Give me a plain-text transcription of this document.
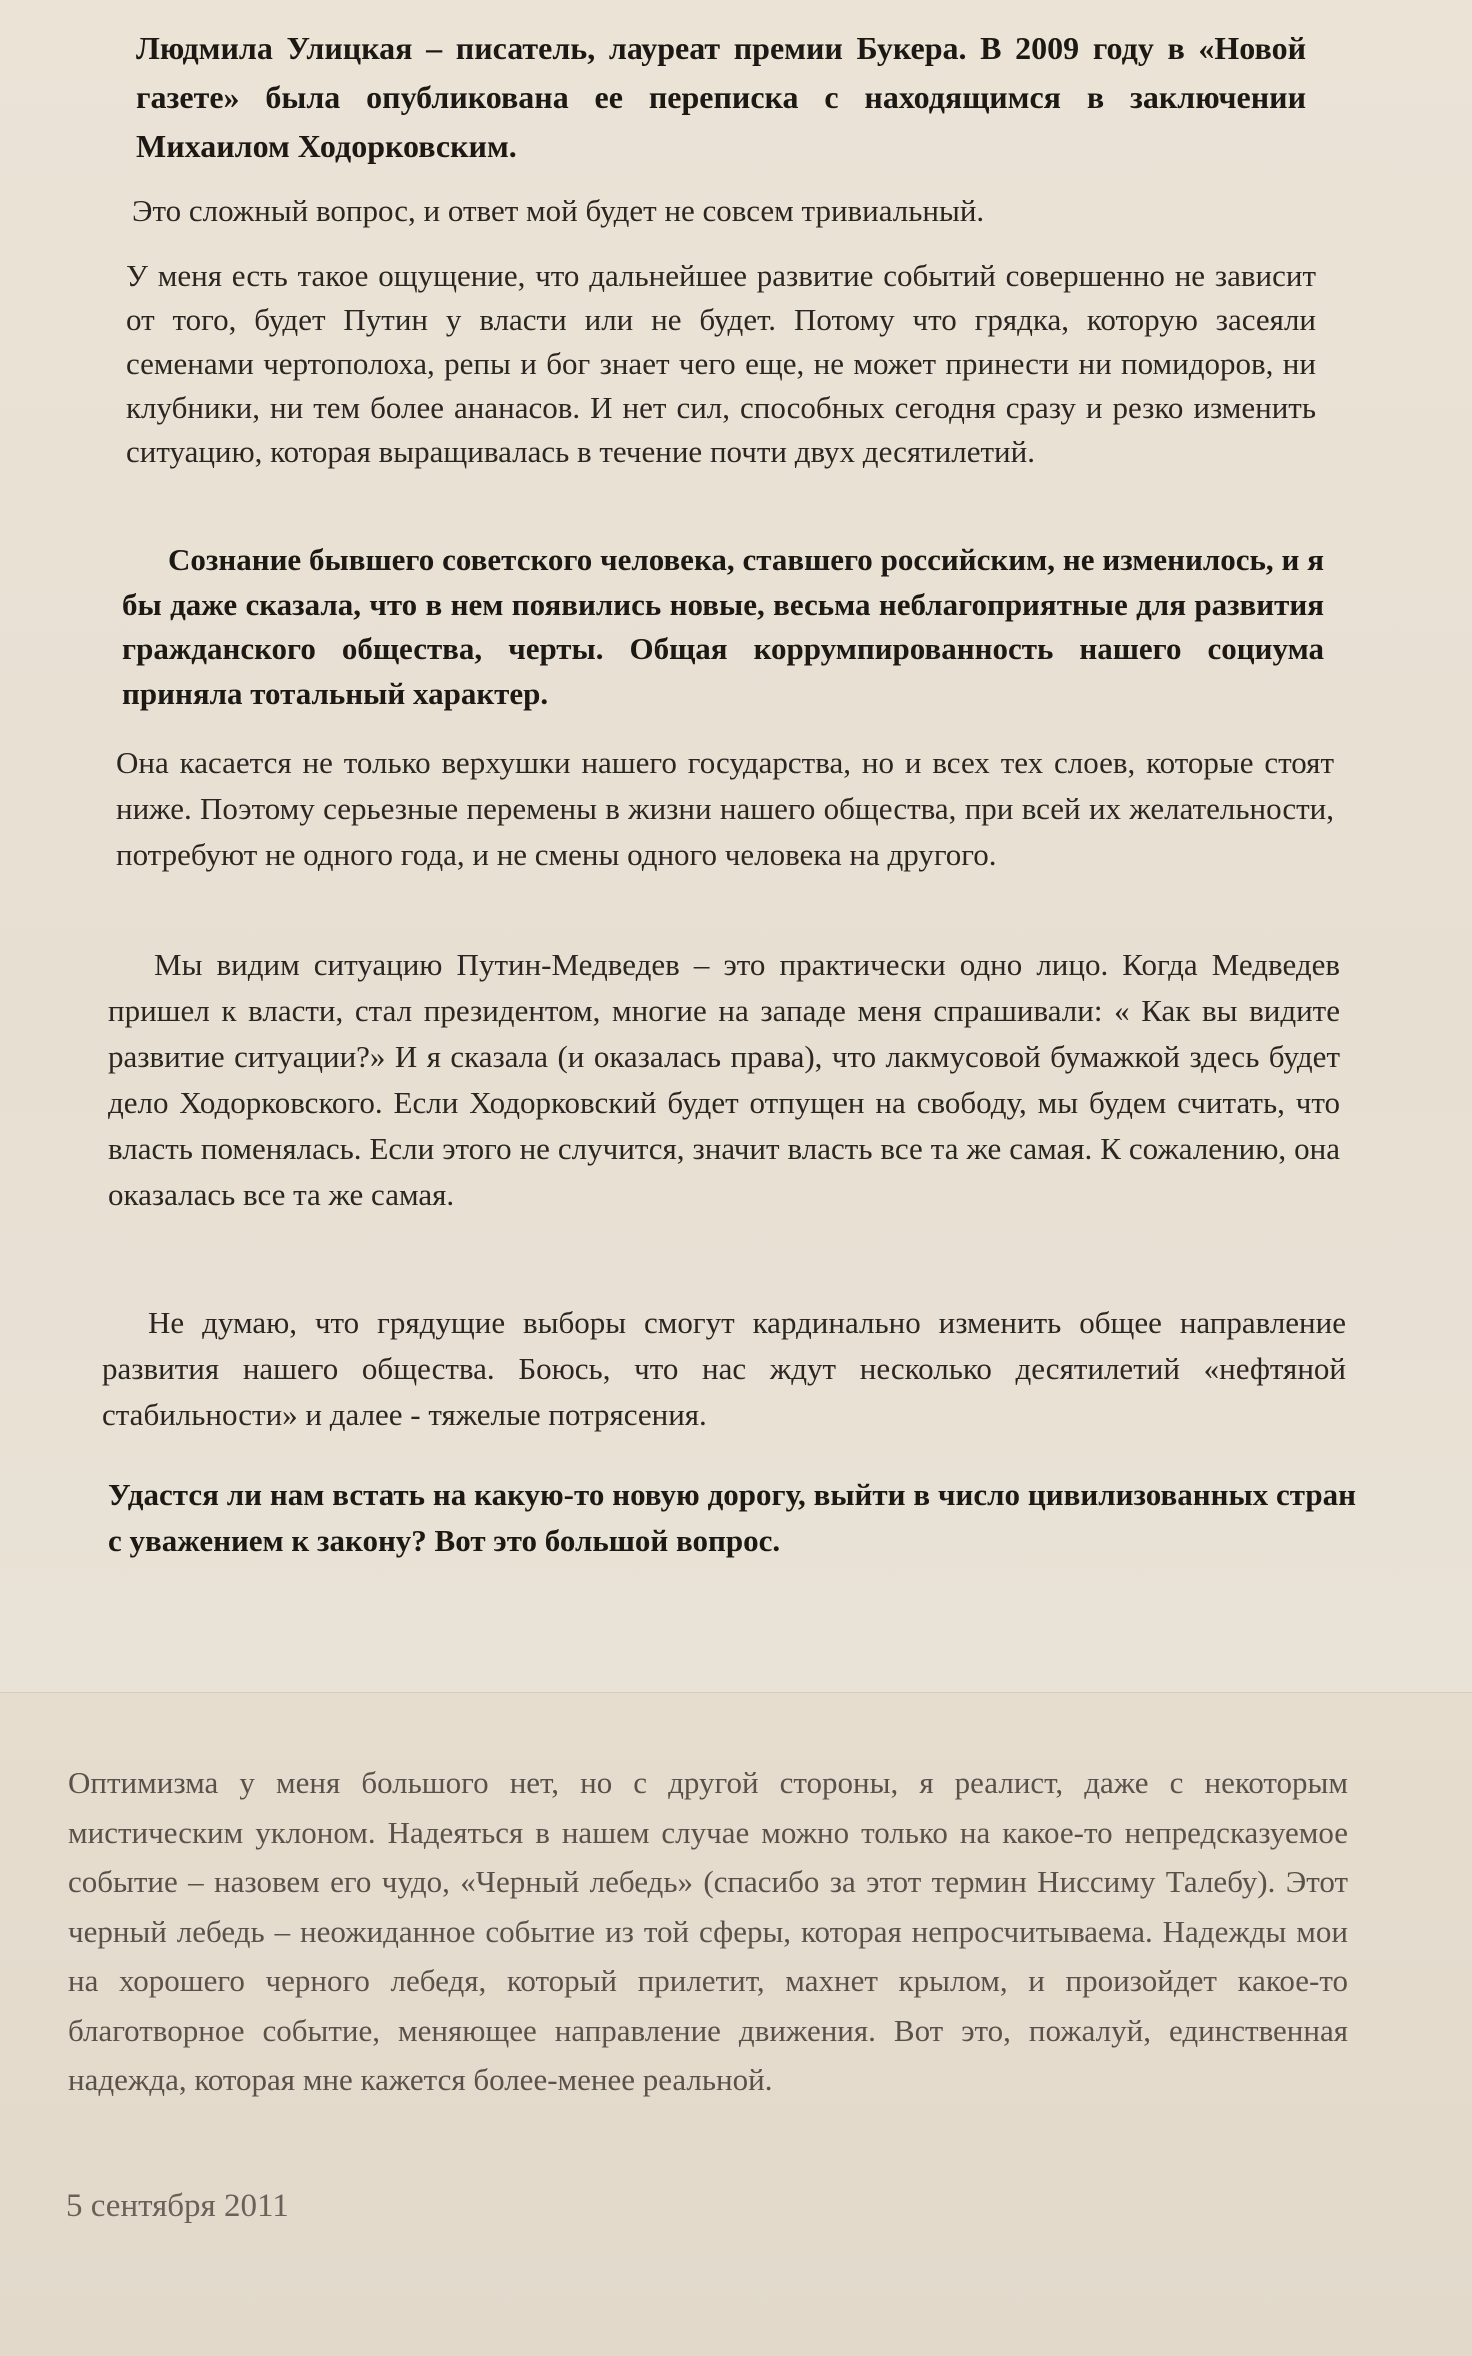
Людмила Улицкая – писатель, лауреат премии Букера. В 2009 году в «Новой газете» была опубликована ее переписка с находящимся в заключении Михаилом Ходорковским.

Это сложный вопрос, и ответ мой будет не совсем тривиальный.

У меня есть такое ощущение, что дальнейшее развитие событий совершенно не зависит от того, будет Путин у власти или не будет. Потому что грядка, которую засеяли семенами чертополоха, репы и бог знает чего еще, не может принести ни помидоров, ни клубники, ни тем более ананасов. И нет сил, способных сегодня сразу и резко изменить ситуацию, которая выращивалась в течение почти двух десятилетий.

Сознание бывшего советского человека, ставшего российским, не изменилось, и я бы даже сказала, что в нем появились новые, весьма неблагоприятные для развития гражданского общества, черты. Общая коррумпированность нашего социума приняла тотальный характер.

Она касается не только верхушки нашего государства, но и всех тех слоев, которые стоят ниже. Поэтому серьезные перемены в жизни нашего общества, при всей их желательности, потребуют не одного года, и не смены одного человека на другого.

Мы видим ситуацию Путин-Медведев – это практически одно лицо. Когда Медведев пришел к власти, стал президентом, многие на западе меня спрашивали: « Как вы видите развитие ситуации?» И я сказала (и оказалась права), что лакмусовой бумажкой здесь будет дело Ходорковского. Если Ходорковский будет отпущен на свободу, мы будем считать, что власть поменялась. Если этого не случится, значит власть все та же самая. К сожалению, она оказалась все та же самая.

Не думаю, что грядущие выборы смогут кардинально изменить общее направление развития нашего общества. Боюсь, что нас ждут несколько десятилетий «нефтяной стабильности» и далее - тяжелые потрясения.

Удастся ли нам встать на какую-то новую дорогу, выйти в число цивилизованных стран с уважением к закону? Вот это большой вопрос.

Оптимизма у меня большого нет, но с другой стороны, я реалист, даже с некоторым мистическим уклоном. Надеяться в нашем случае можно только на какое-то непредсказуемое событие – назовем его чудо, «Черный лебедь» (спасибо за этот термин Ниссиму Талебу). Этот черный лебедь – неожиданное событие из той сферы, которая непросчитываема. Надежды мои на хорошего черного лебедя, который прилетит, махнет крылом, и произойдет какое-то благотворное событие, меняющее направление движения. Вот это, пожалуй, единственная надежда, которая мне кажется более-менее реальной.

5 сентября 2011
